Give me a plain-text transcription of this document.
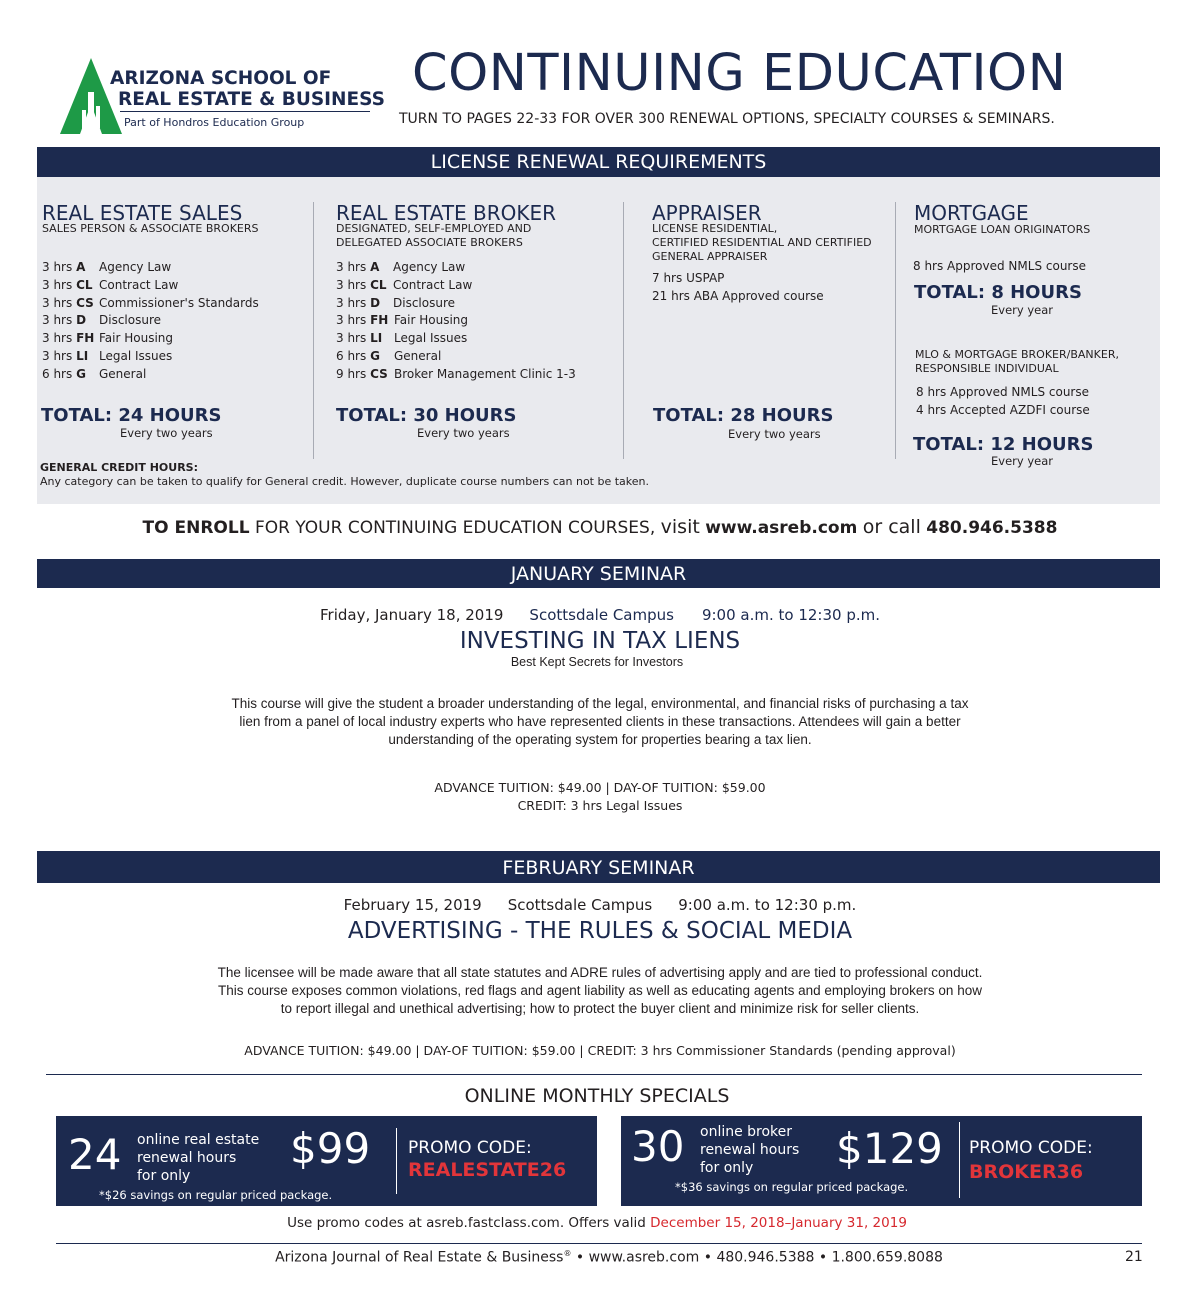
ARIZONA SCHOOL OF
REAL ESTATE & BUSINESS
Part of Hondros Education Group
CONTINUING EDUCATION
TURN TO PAGES 22-33 FOR OVER 300 RENEWAL OPTIONS, SPECIALTY COURSES & SEMINARS.
LICENSE RENEWAL REQUIREMENTS
REAL ESTATE SALES
SALES PERSON & ASSOCIATE BROKERS
3 hrs A Agency Law
3 hrs CL Contract Law
3 hrs CS Commissioner's Standards
3 hrs D Disclosure
3 hrs FH Fair Housing
3 hrs LI Legal Issues
6 hrs G General
TOTAL: 24 HOURS
Every two years
REAL ESTATE BROKER
DESIGNATED, SELF-EMPLOYED AND
DELEGATED ASSOCIATE BROKERS
3 hrs A Agency Law
3 hrs CL Contract Law
3 hrs D Disclosure
3 hrs FH Fair Housing
3 hrs LI Legal Issues
6 hrs G General
9 hrs CS Broker Management Clinic 1-3
TOTAL: 30 HOURS
Every two years
APPRAISER
LICENSE RESIDENTIAL,
CERTIFIED RESIDENTIAL AND CERTIFIED
GENERAL APPRAISER
7 hrs USPAP
21 hrs ABA Approved course
TOTAL: 28 HOURS
Every two years
MORTGAGE
MORTGAGE LOAN ORIGINATORS
8 hrs Approved NMLS course
TOTAL: 8 HOURS
Every year
MLO & MORTGAGE BROKER/BANKER,
RESPONSIBLE INDIVIDUAL
8 hrs Approved NMLS course
4 hrs Accepted AZDFI course
TOTAL: 12 HOURS
Every year
GENERAL CREDIT HOURS:
Any category can be taken to qualify for General credit. However, duplicate course numbers can not be taken.
TO ENROLL FOR YOUR CONTINUING EDUCATION COURSES, visit www.asreb.com or call 480.946.5388
JANUARY SEMINAR
Friday, January 18, 2019 Scottsdale Campus 9:00 a.m. to 12:30 p.m.
INVESTING IN TAX LIENS
Best Kept Secrets for Investors
This course will give the student a broader understanding of the legal, environmental, and financial risks of purchasing a tax
lien from a panel of local industry experts who have represented clients in these transactions. Attendees will gain a better
understanding of the operating system for properties bearing a tax lien.
ADVANCE TUITION: $49.00 | DAY-OF TUITION: $59.00
CREDIT: 3 hrs Legal Issues
FEBRUARY SEMINAR
February 15, 2019 Scottsdale Campus 9:00 a.m. to 12:30 p.m.
ADVERTISING - THE RULES & SOCIAL MEDIA
The licensee will be made aware that all state statutes and ADRE rules of advertising apply and are tied to professional conduct.
This course exposes common violations, red flags and agent liability as well as educating agents and employing brokers on how
to report illegal and unethical advertising; how to protect the buyer client and minimize risk for seller clients.
ADVANCE TUITION: $49.00 | DAY-OF TUITION: $59.00 | CREDIT: 3 hrs Commissioner Standards (pending approval)
ONLINE MONTHLY SPECIALS
24 online real estate
renewal hours
for only
$99
*$26 savings on regular priced package.
PROMO CODE:
REALESTATE26 30 online broker
renewal hours
for only	$129
*$36 savings on regular priced package.
PROMO CODE:
BROKER36
Use promo codes at asreb.fastclass.com. Offers valid December 15, 2018–January 31, 2019
Arizona Journal of Real Estate & Business® • www.asreb.com • 480.946.5388 • 1.800.659.8088	21
